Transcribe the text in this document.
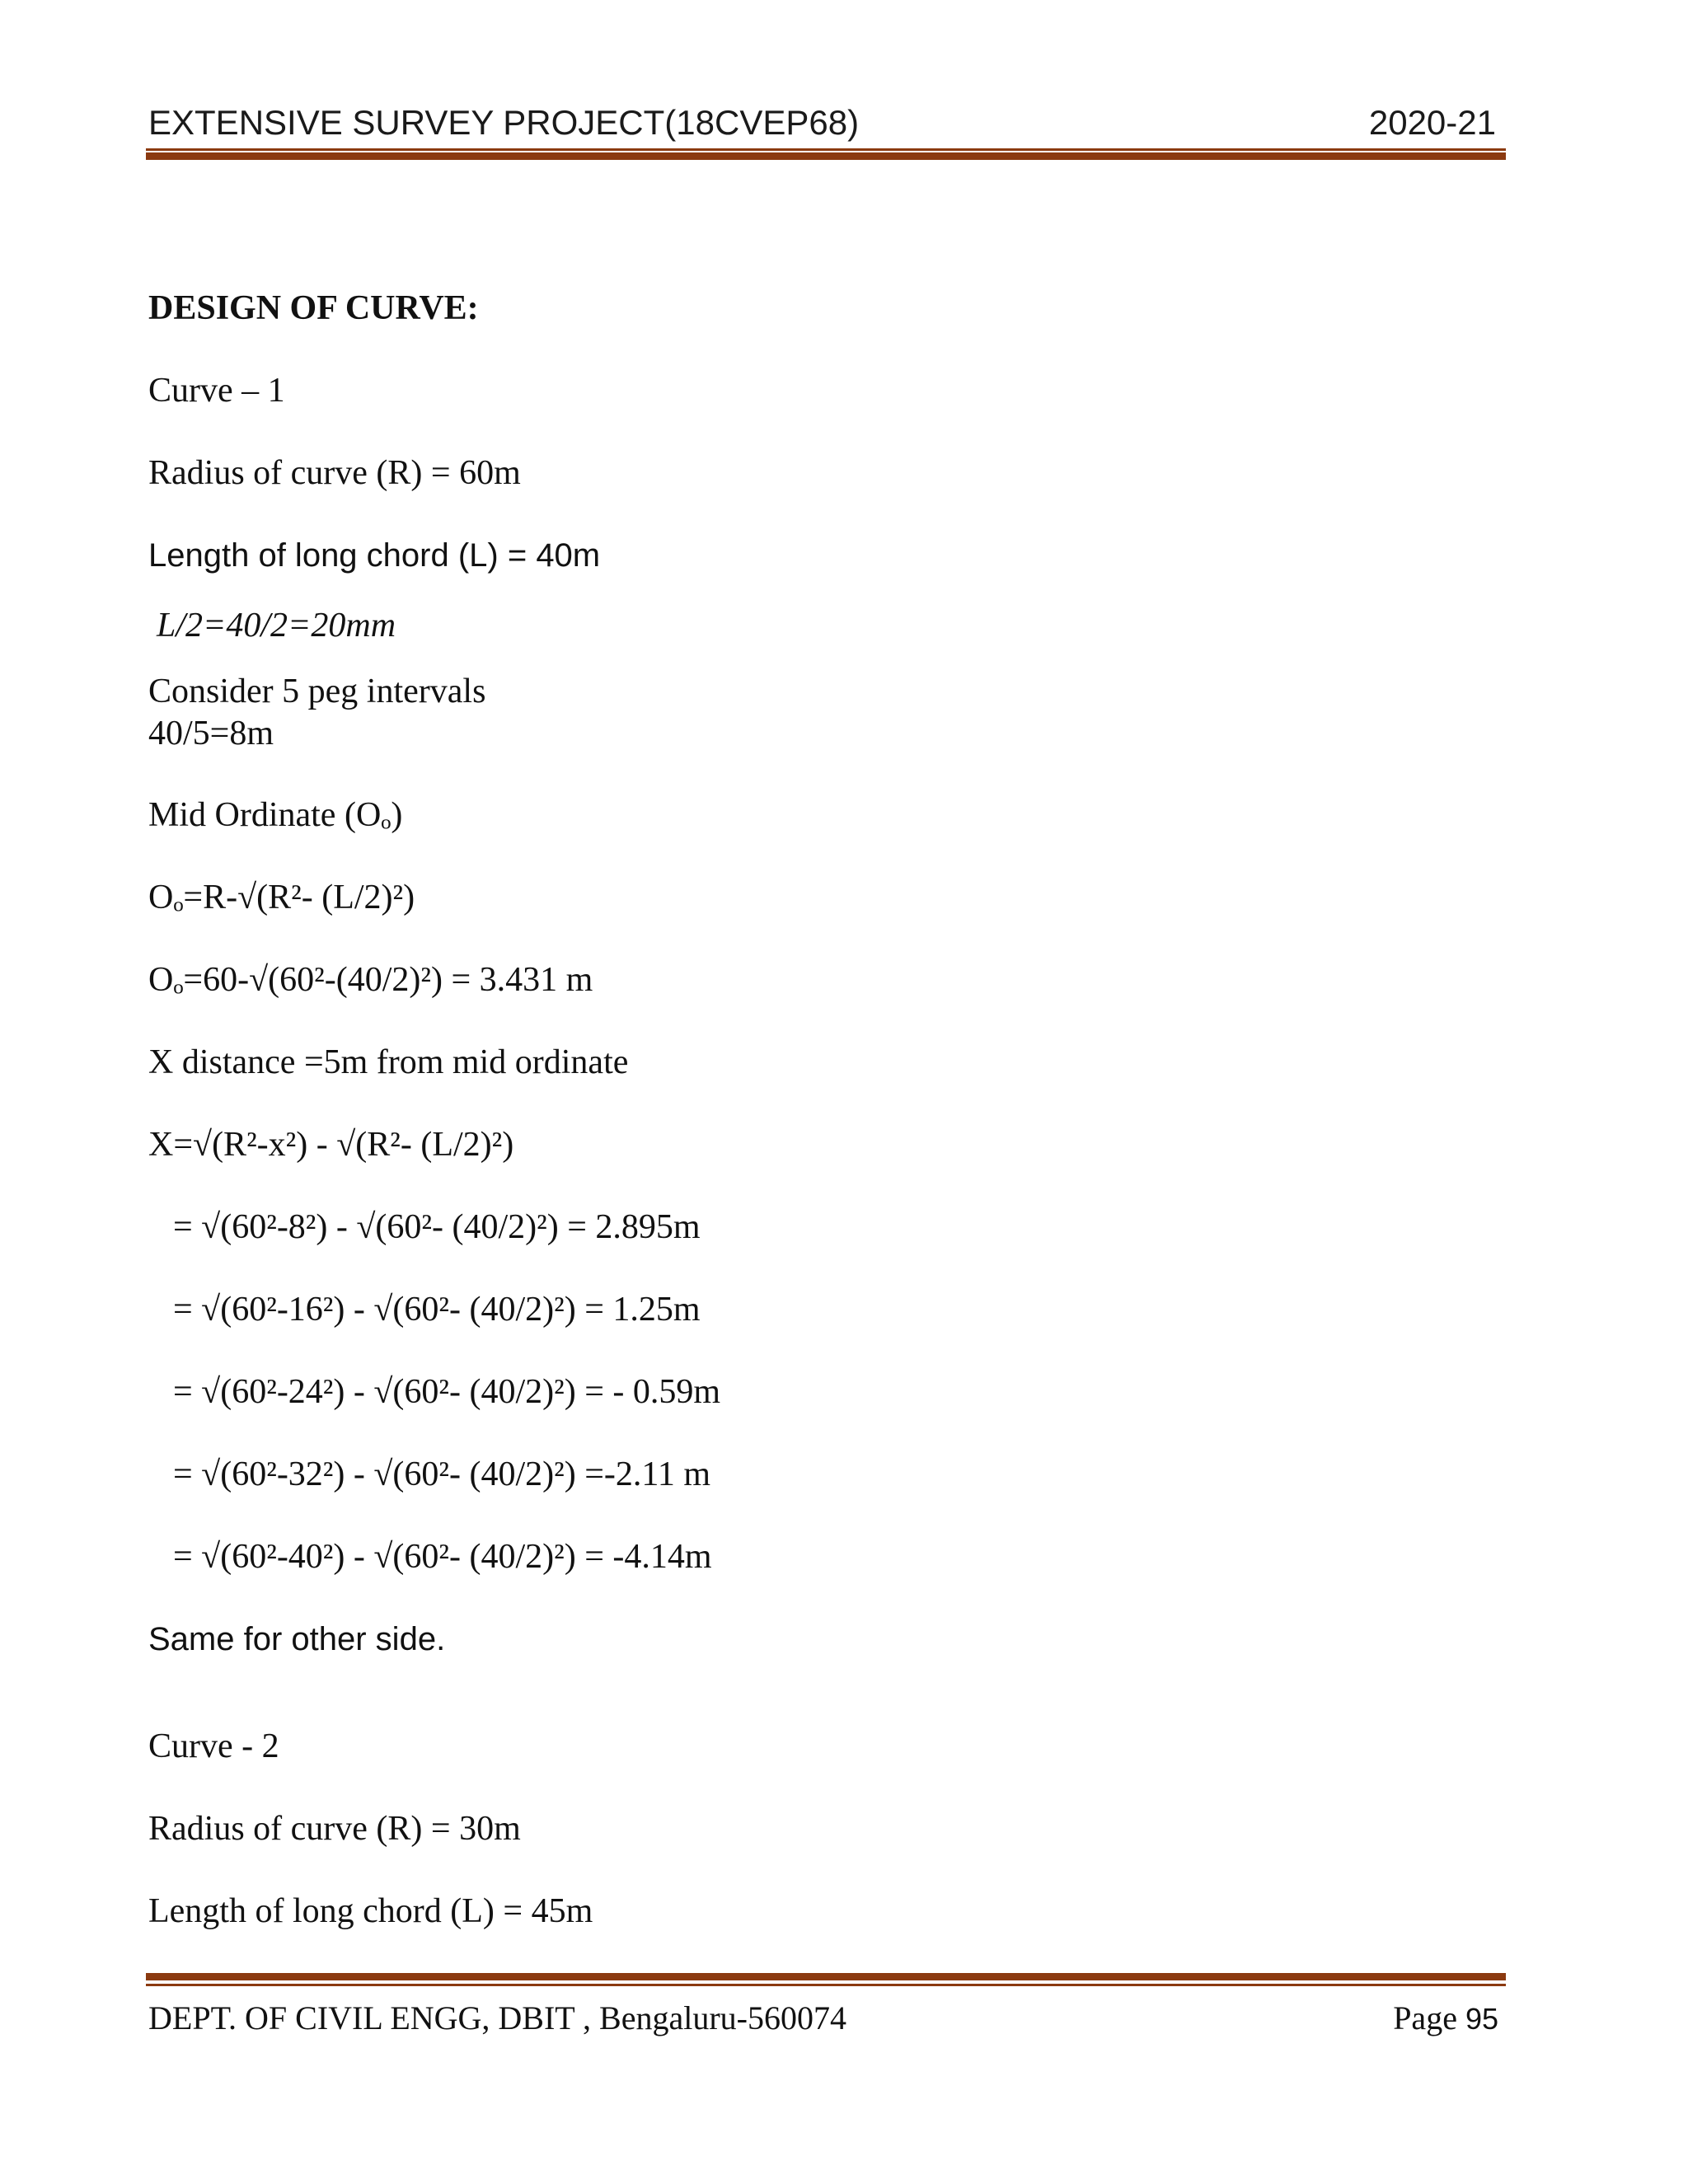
EXTENSIVE SURVEY PROJECT(18CVEP68)	2020-21
DESIGN OF CURVE:
Curve – 1
Radius of curve (R) = 60m
Length of long chord (L) = 40m
L/2=40/2=20mm
Consider 5 peg intervals
40/5=8m
Mid Ordinate (Oₒ)
Oₒ=R-√(R²- (L/2)²)
Oₒ=60-√(60²-(40/2)²) = 3.431 m
X distance =5m from mid ordinate
X=√(R²-x²) - √(R²- (L/2)²)
= √(60²-8²) - √(60²- (40/2)²) = 2.895m
= √(60²-16²) - √(60²- (40/2)²) = 1.25m
= √(60²-24²) - √(60²- (40/2)²) = - 0.59m
= √(60²-32²) - √(60²- (40/2)²) =-2.11 m
= √(60²-40²) - √(60²- (40/2)²) = -4.14m
Same for other side.
Curve - 2
Radius of curve (R) = 30m
Length of long chord (L) = 45m
DEPT. OF CIVIL ENGG, DBIT , Bengaluru-560074	Page 95
